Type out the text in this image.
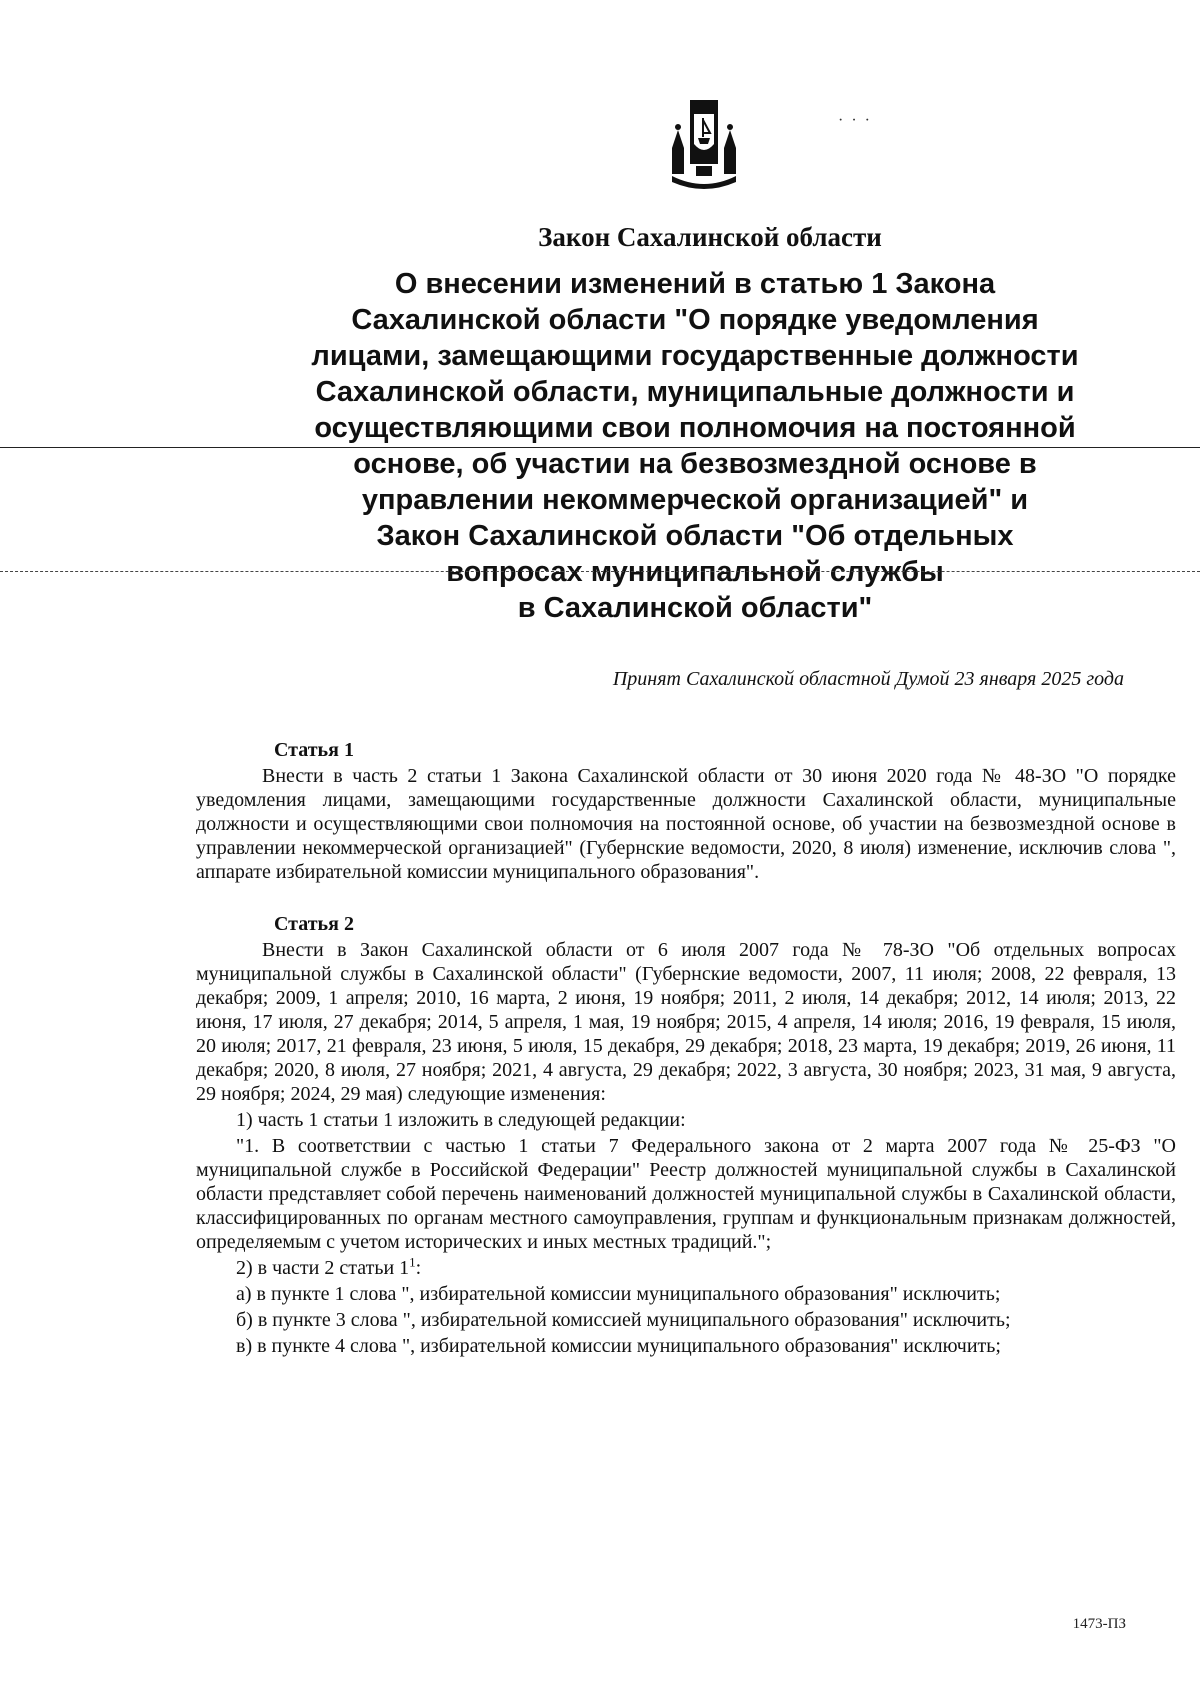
· · ·
Закон Сахалинской области
О внесении изменений в статью 1 Закона
Сахалинской области "О порядке уведомления
лицами, замещающими государственные должности
Сахалинской области, муниципальные должности и
осуществляющими свои полномочия на постоянной
основе, об участии на безвозмездной основе в
управлении некоммерческой организацией" и
Закон Сахалинской области "Об отдельных
вопросах муниципальной службы
в Сахалинской области"
Принят Сахалинской областной Думой 23 января 2025 года
Статья 1

Внести в часть 2 статьи 1 Закона Сахалинской области от 30 июня 2020 года № 48-ЗО "О порядке уведомления лицами, замещающими государственные должности Сахалинской области, муниципальные должности и осуществляющими свои полномочия на постоянной основе, об участии на безвозмездной основе в управлении некоммерческой организацией" (Губернские ведомости, 2020, 8 июля) изменение, исключив слова ", аппарате избирательной комиссии муниципального образования".

Статья 2

Внести в Закон Сахалинской области от 6 июля 2007 года № 78-ЗО "Об отдельных вопросах муниципальной службы в Сахалинской области" (Губернские ведомости, 2007, 11 июля; 2008, 22 февраля, 13 декабря; 2009, 1 апреля; 2010, 16 марта, 2 июня, 19 ноября; 2011, 2 июля, 14 декабря; 2012, 14 июля; 2013, 22 июня, 17 июля, 27 декабря; 2014, 5 апреля, 1 мая, 19 ноября; 2015, 4 апреля, 14 июля; 2016, 19 февраля, 15 июля, 20 июля; 2017, 21 февраля, 23 июня, 5 июля, 15 декабря, 29 декабря; 2018, 23 марта, 19 декабря; 2019, 26 июня, 11 декабря; 2020, 8 июля, 27 ноября; 2021, 4 августа, 29 декабря; 2022, 3 августа, 30 ноября; 2023, 31 мая, 9 августа, 29 ноября; 2024, 29 мая) следующие изменения:

1) часть 1 статьи 1 изложить в следующей редакции:

"1. В соответствии с частью 1 статьи 7 Федерального закона от 2 марта 2007 года № 25-ФЗ "О муниципальной службе в Российской Федерации" Реестр должностей муниципальной службы в Сахалинской области представляет собой перечень наименований должностей муниципальной службы в Сахалинской области, классифицированных по органам местного самоуправления, группам и функциональным признакам должностей, определяемым с учетом исторических и иных местных традиций.";

2) в части 2 статьи $1^1$:

а) в пункте 1 слова ", избирательной комиссии муниципального образования" исключить;

б) в пункте 3 слова ", избирательной комиссией муниципального образования" исключить;

в) в пункте 4 слова ", избирательной комиссии муниципального образования" исключить;

1473-ПЗ
